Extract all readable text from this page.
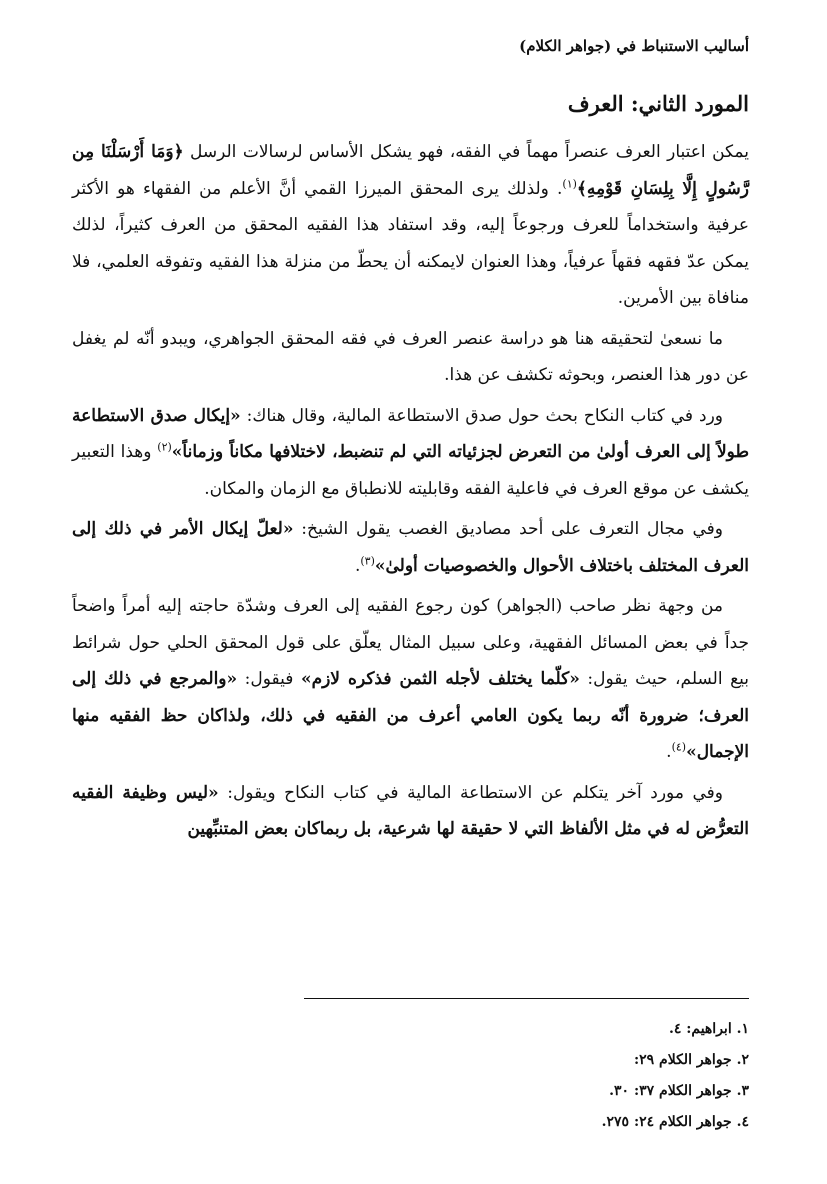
أساليب الاستنباط في (جواهر الكلام)
المورد الثاني: العرف

يمكن اعتبار العرف عنصراً مهماً في الفقه، فهو يشكل الأساس لرسالات الرسل ﴿وَمَا أَرْسَلْنَا مِن رَّسُولٍ إِلَّا بِلِسَانِ قَوْمِهِ﴾$^{(١)}$. ولذلك يرى المحقق الميرزا القمي أنَّ الأعلم من الفقهاء هو الأكثر عرفية واستخداماً للعرف ورجوعاً إليه، وقد استفاد هذا الفقيه المحقق من العرف كثيراً، لذلك يمكن عدّ فقهه فقهاً عرفياً، وهذا العنوان لايمكنه أن يحطّ من منزلة هذا الفقيه وتفوقه العلمي، فلا منافاة بين الأمرين.

ما نسعىٰ لتحقيقه هنا هو دراسة عنصر العرف في فقه المحقق الجواهري، ويبدو أنّه لم يغفل عن دور هذا العنصر، وبحوثه تكشف عن هذا.

ورد في كتاب النكاح بحث حول صدق الاستطاعة المالية، وقال هناك: «إيكال صدق الاستطاعة طولاً إلى العرف أولىٰ من التعرض لجزئياته التي لم تنضبط، لاختلافها مكاناً وزماناً»$^{(٢)}$ وهذا التعبير يكشف عن موقع العرف في فاعلية الفقه وقابليته للانطباق مع الزمان والمكان.

وفي مجال التعرف على أحد مصاديق الغصب يقول الشيخ: «لعلّ إيكال الأمر في ذلك إلى العرف المختلف باختلاف الأحوال والخصوصيات أولىٰ»$^{(٣)}$.

من وجهة نظر صاحب (الجواهر) كون رجوع الفقيه إلى العرف وشدّة حاجته إليه أمراً واضحاً جداً في بعض المسائل الفقهية، وعلى سبيل المثال يعلّق على قول المحقق الحلي حول شرائط بيع السلم، حيث يقول: «كلّما يختلف لأجله الثمن فذكره لازم» فيقول: «والمرجع في ذلك إلى العرف؛ ضرورة أنّه ربما يكون العامي أعرف من الفقيه في ذلك، ولذاكان حظ الفقيه منها الإجمال»$^{(٤)}$.

وفي مورد آخر يتكلم عن الاستطاعة المالية في كتاب النكاح ويقول: «ليس وظيفة الفقيه التعرُّض له في مثل الألفاظ التي لا حقيقة لها شرعية، بل ربماكان بعض المتنبِّهين

١. ابراهيم: ٤.

٢. جواهر الكلام ٢٩:

٣. جواهر الكلام ٣٧: ٣٠.

٤. جواهر الكلام ٢٤: ٢٧٥.
